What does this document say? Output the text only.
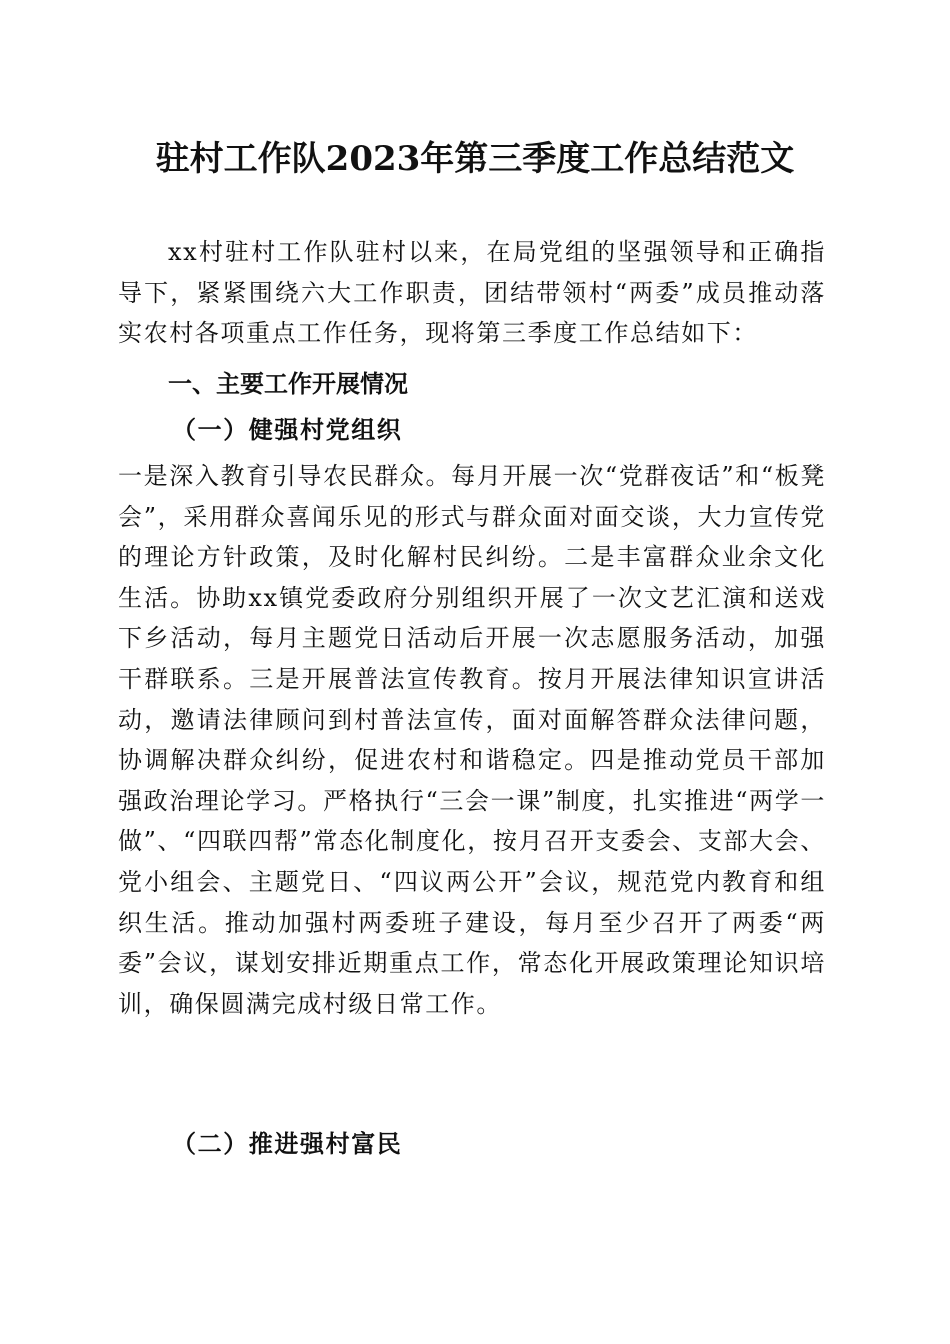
驻村工作队2023年第三季度工作总结范文

xx村驻村工作队驻村以来，在局党组的坚强领导和正确指导下，紧紧围绕六大工作职责，团结带领村“两委”成员推动落实农村各项重点工作任务，现将第三季度工作总结如下：

一、主要工作开展情况
（一）健强村党组织

一是深入教育引导农民群众。每月开展一次“党群夜话”和“板凳会”，采用群众喜闻乐见的形式与群众面对面交谈，大力宣传党的理论方针政策，及时化解村民纠纷。二是丰富群众业余文化生活。协助xx镇党委政府分别组织开展了一次文艺汇演和送戏下乡活动，每月主题党日活动后开展一次志愿服务活动，加强干群联系。三是开展普法宣传教育。按月开展法律知识宣讲活动，邀请法律顾问到村普法宣传，面对面解答群众法律问题，协调解决群众纠纷，促进农村和谐稳定。四是推动党员干部加强政治理论学习。严格执行“三会一课”制度，扎实推进“两学一做”、“四联四帮”常态化制度化，按月召开支委会、支部大会、党小组会、主题党日、“四议两公开”会议，规范党内教育和组织生活。推动加强村两委班子建设，每月至少召开了两委“两委”会议，谋划安排近期重点工作，常态化开展政策理论知识培训，确保圆满完成村级日常工作。

（二）推进强村富民
